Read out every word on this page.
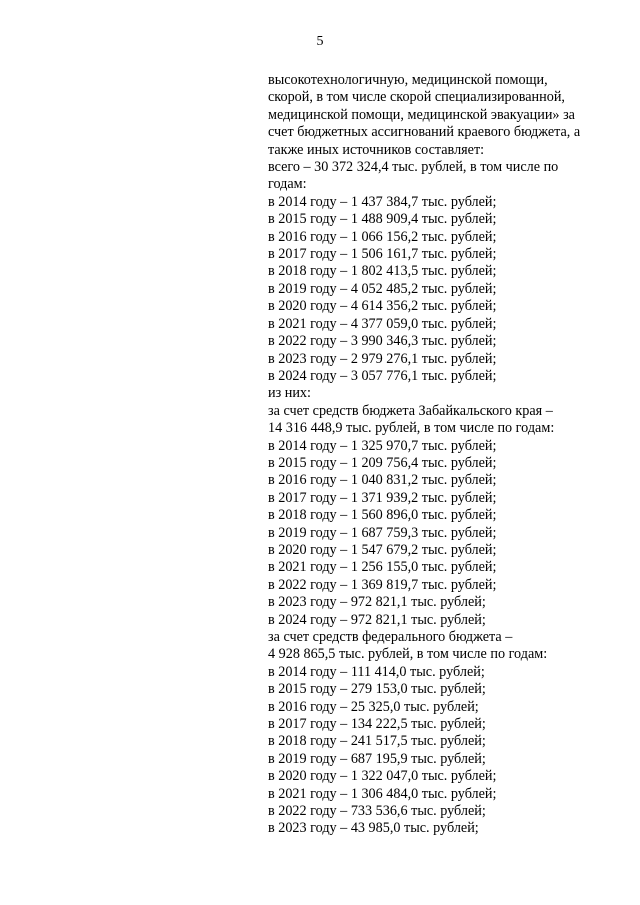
5
высокотехнологичную, медицинской помощи,
скорой, в том числе скорой специализированной,
медицинской помощи, медицинской эвакуации» за
счет бюджетных ассигнований краевого бюджета, а
также иных источников составляет:
всего – 30 372 324,4 тыс. рублей, в том числе по
годам:
в 2014 году – 1 437 384,7 тыс. рублей;
в 2015 году – 1 488 909,4 тыс. рублей;
в 2016 году – 1 066 156,2 тыс. рублей;
в 2017 году – 1 506 161,7 тыс. рублей;
в 2018 году – 1 802 413,5 тыс. рублей;
в 2019 году – 4 052 485,2 тыс. рублей;
в 2020 году – 4 614 356,2 тыс. рублей;
в 2021 году – 4 377 059,0 тыс. рублей;
в 2022 году – 3 990 346,3 тыс. рублей;
в 2023 году – 2 979 276,1 тыс. рублей;
в 2024 году – 3 057 776,1 тыс. рублей;
из них:
за счет средств бюджета Забайкальского края –
14 316 448,9 тыс. рублей, в том числе по годам:
в 2014 году – 1 325 970,7 тыс. рублей;
в 2015 году – 1 209 756,4 тыс. рублей;
в 2016 году – 1 040 831,2 тыс. рублей;
в 2017 году – 1 371 939,2 тыс. рублей;
в 2018 году – 1 560 896,0 тыс. рублей;
в 2019 году – 1 687 759,3 тыс. рублей;
в 2020 году – 1 547 679,2 тыс. рублей;
в 2021 году – 1 256 155,0 тыс. рублей;
в 2022 году – 1 369 819,7 тыс. рублей;
в 2023 году – 972 821,1 тыс. рублей;
в 2024 году – 972 821,1 тыс. рублей;
за счет средств федерального бюджета –
4 928 865,5 тыс. рублей, в том числе по годам:
в 2014 году – 111 414,0 тыс. рублей;
в 2015 году – 279 153,0 тыс. рублей;
в 2016 году – 25 325,0 тыс. рублей;
в 2017 году – 134 222,5 тыс. рублей;
в 2018 году – 241 517,5 тыс. рублей;
в 2019 году – 687 195,9 тыс. рублей;
в 2020 году – 1 322 047,0 тыс. рублей;
в 2021 году – 1 306 484,0 тыс. рублей;
в 2022 году – 733 536,6 тыс. рублей;
в 2023 году – 43 985,0 тыс. рублей;
